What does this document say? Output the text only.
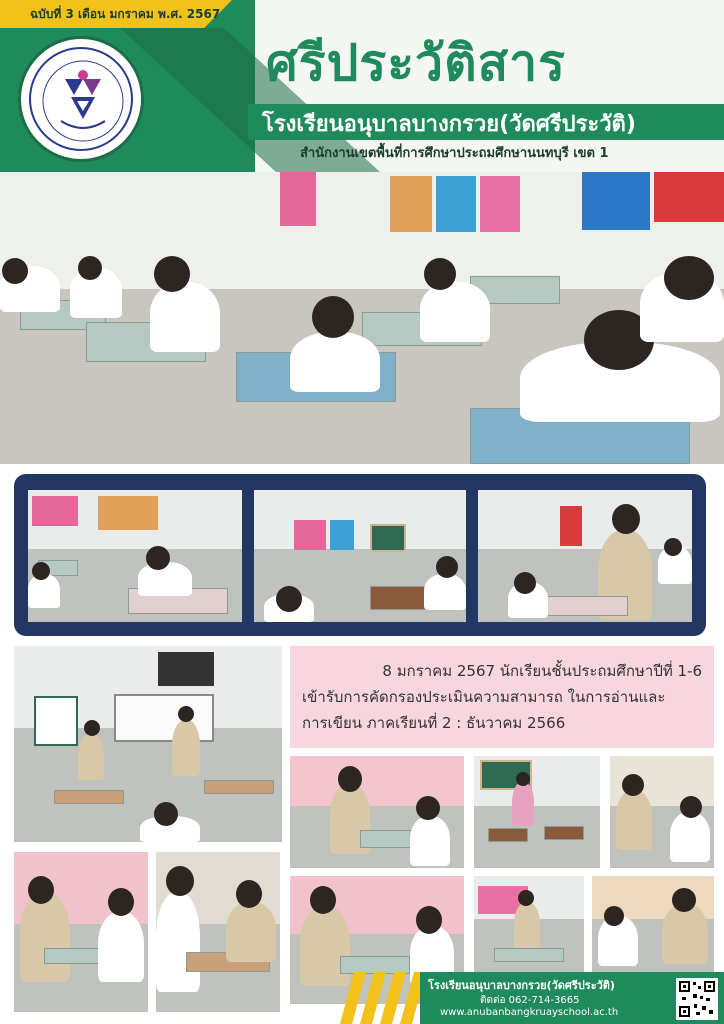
ฉบับที่ 3 เดือน มกราคม พ.ศ. 2567
ศรีประวัติสาร
โรงเรียนอนุบาลบางกรวย(วัดศรีประวัติ)
สำนักงานเขตพื้นที่การศึกษาประถมศึกษานนทบุรี เขต 1
8 มกราคม 2567 นักเรียนชั้นประถมศึกษาปีที่ 1-6
เข้ารับการคัดกรองประเมินความสามารถ ในการอ่านและ
การเขียน ภาคเรียนที่ 2 : ธันวาคม 2566
โรงเรียนอนุบาลบางกรวย(วัดศรีประวัติ)
ติดต่อ 062-714-3665
www.anubanbangkruayschool.ac.th
